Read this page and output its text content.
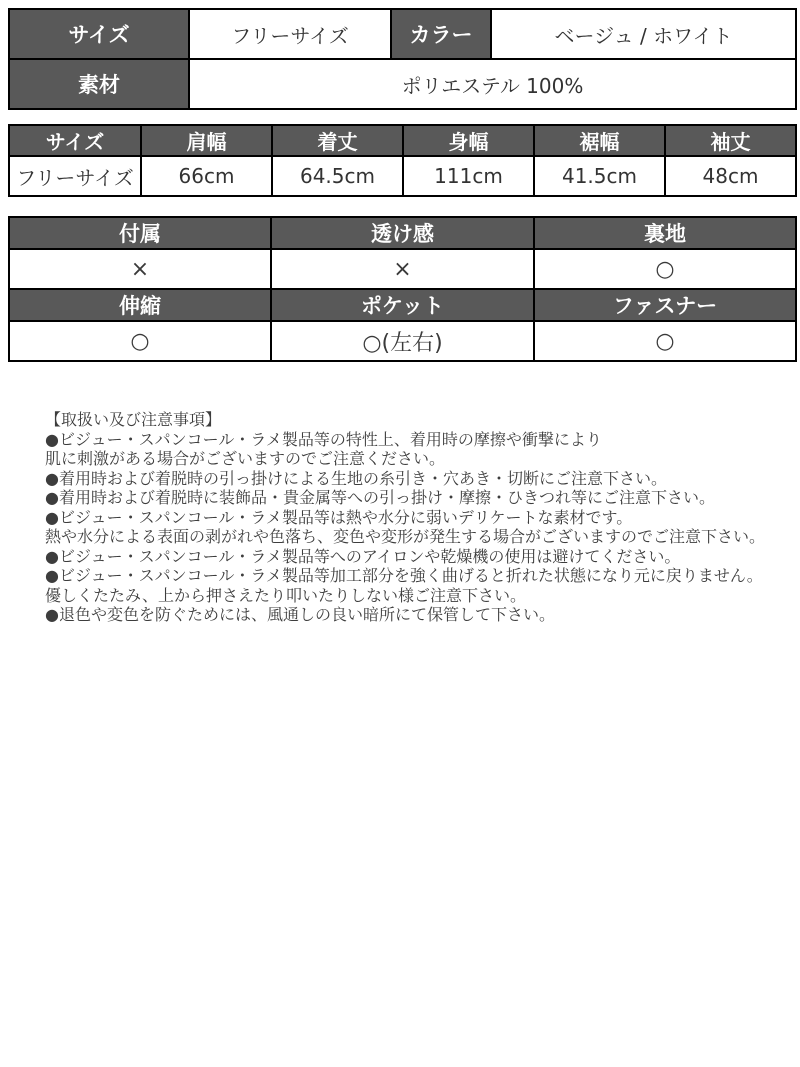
サイズ	フリーサイズ	カラー	ベージュ / ホワイト
素材	ポリエステル 100%		
サイズ	肩幅	着丈	身幅	裾幅	袖丈
フリーサイズ	66cm	64.5cm	111cm	41.5cm	48cm
付属	透け感	裏地
×	×	○
伸縮	ポケット	ファスナー
○	○(左右)	○
【取扱い及び注意事項】
●ビジュー・スパンコール・ラメ製品等の特性上、着用時の摩擦や衝撃により
肌に刺激がある場合がございますのでご注意ください。
●着用時および着脱時の引っ掛けによる生地の糸引き・穴あき・切断にご注意下さい。
●着用時および着脱時に装飾品・貴金属等への引っ掛け・摩擦・ひきつれ等にご注意下さい。
●ビジュー・スパンコール・ラメ製品等は熱や水分に弱いデリケートな素材です。
熱や水分による表面の剥がれや色落ち、変色や変形が発生する場合がございますのでご注意下さい。
●ビジュー・スパンコール・ラメ製品等へのアイロンや乾燥機の使用は避けてください。
●ビジュー・スパンコール・ラメ製品等加工部分を強く曲げると折れた状態になり元に戻りません。
優しくたたみ、上から押さえたり叩いたりしない様ご注意下さい。
●退色や変色を防ぐためには、風通しの良い暗所にて保管して下さい。
